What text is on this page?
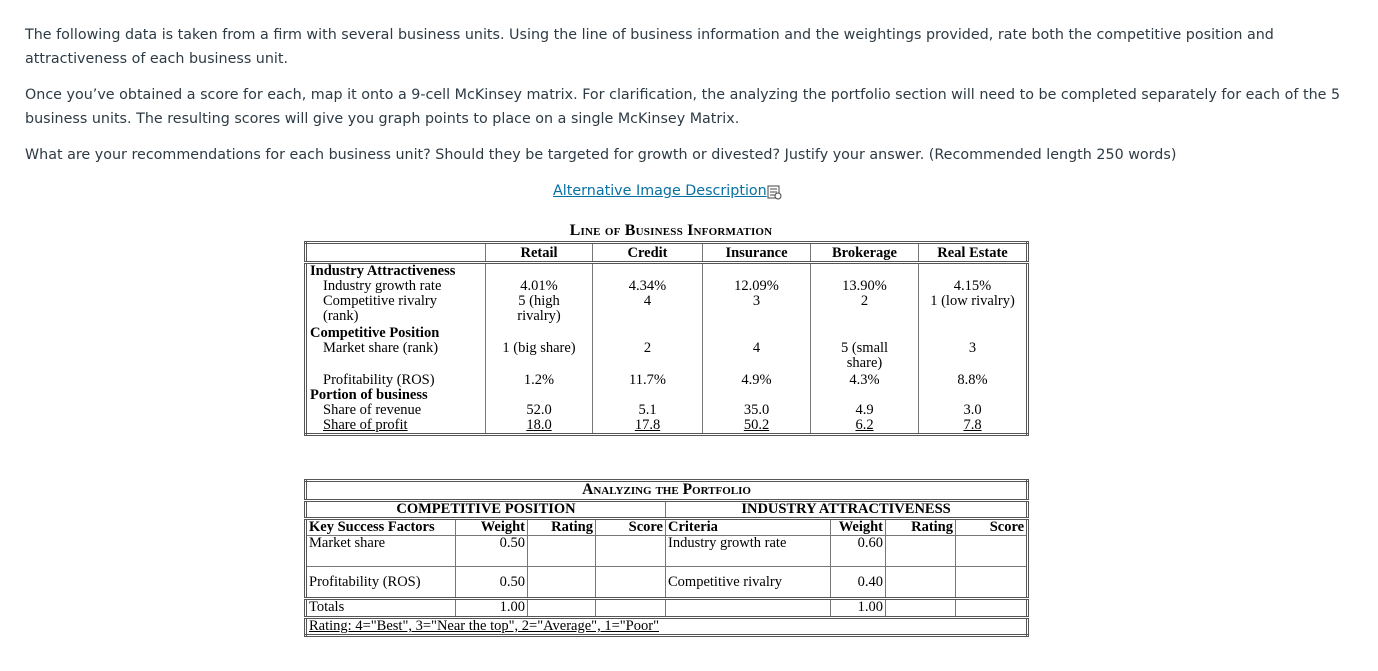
The following data is taken from a firm with several business units. Using the line of business information and the weightings provided, rate both the competitive position and attractiveness of each business unit.

Once you’ve obtained a score for each, map it onto a 9-cell McKinsey matrix. For clarification, the analyzing the portfolio section will need to be completed separately for each of the 5 business units. The resulting scores will give you graph points to place on a single McKinsey Matrix.

What are your recommendations for each business unit? Should they be targeted for growth or divested? Justify your answer. (Recommended length 250 words)

Alternative Image Description
Line of Business Information
	Retail	Credit	Insurance	Brokerage	Real Estate
Industry Attractiveness					
Industry growth rate	4.01%	4.34%	12.09%	13.90%	4.15%
Competitive rivalry (rank)	5 (high rivalry)	4	3	2	1 (low rivalry)
Competitive Position					
Market share (rank)	1 (big share)	2	4	5 (small share)	3
Profitability (ROS)	1.2%	11.7%	4.9%	4.3%	8.8%
Portion of business					
Share of revenue	52.0	5.1	35.0	4.9	3.0
Share of profit	18.0	17.8	50.2	6.2	7.8
Analyzing the Portfolio							
COMPETITIVE POSITION				INDUSTRY ATTRACTIVENESS			
Key Success Factors	Weight	Rating	Score	Criteria	Weight	Rating	Score
Market share	0.50			Industry growth rate	0.60		
Profitability (ROS)	0.50			Competitive rivalry	0.40		
Totals	1.00				1.00		
Rating: 4="Best", 3="Near the top", 2="Average", 1="Poor"							
